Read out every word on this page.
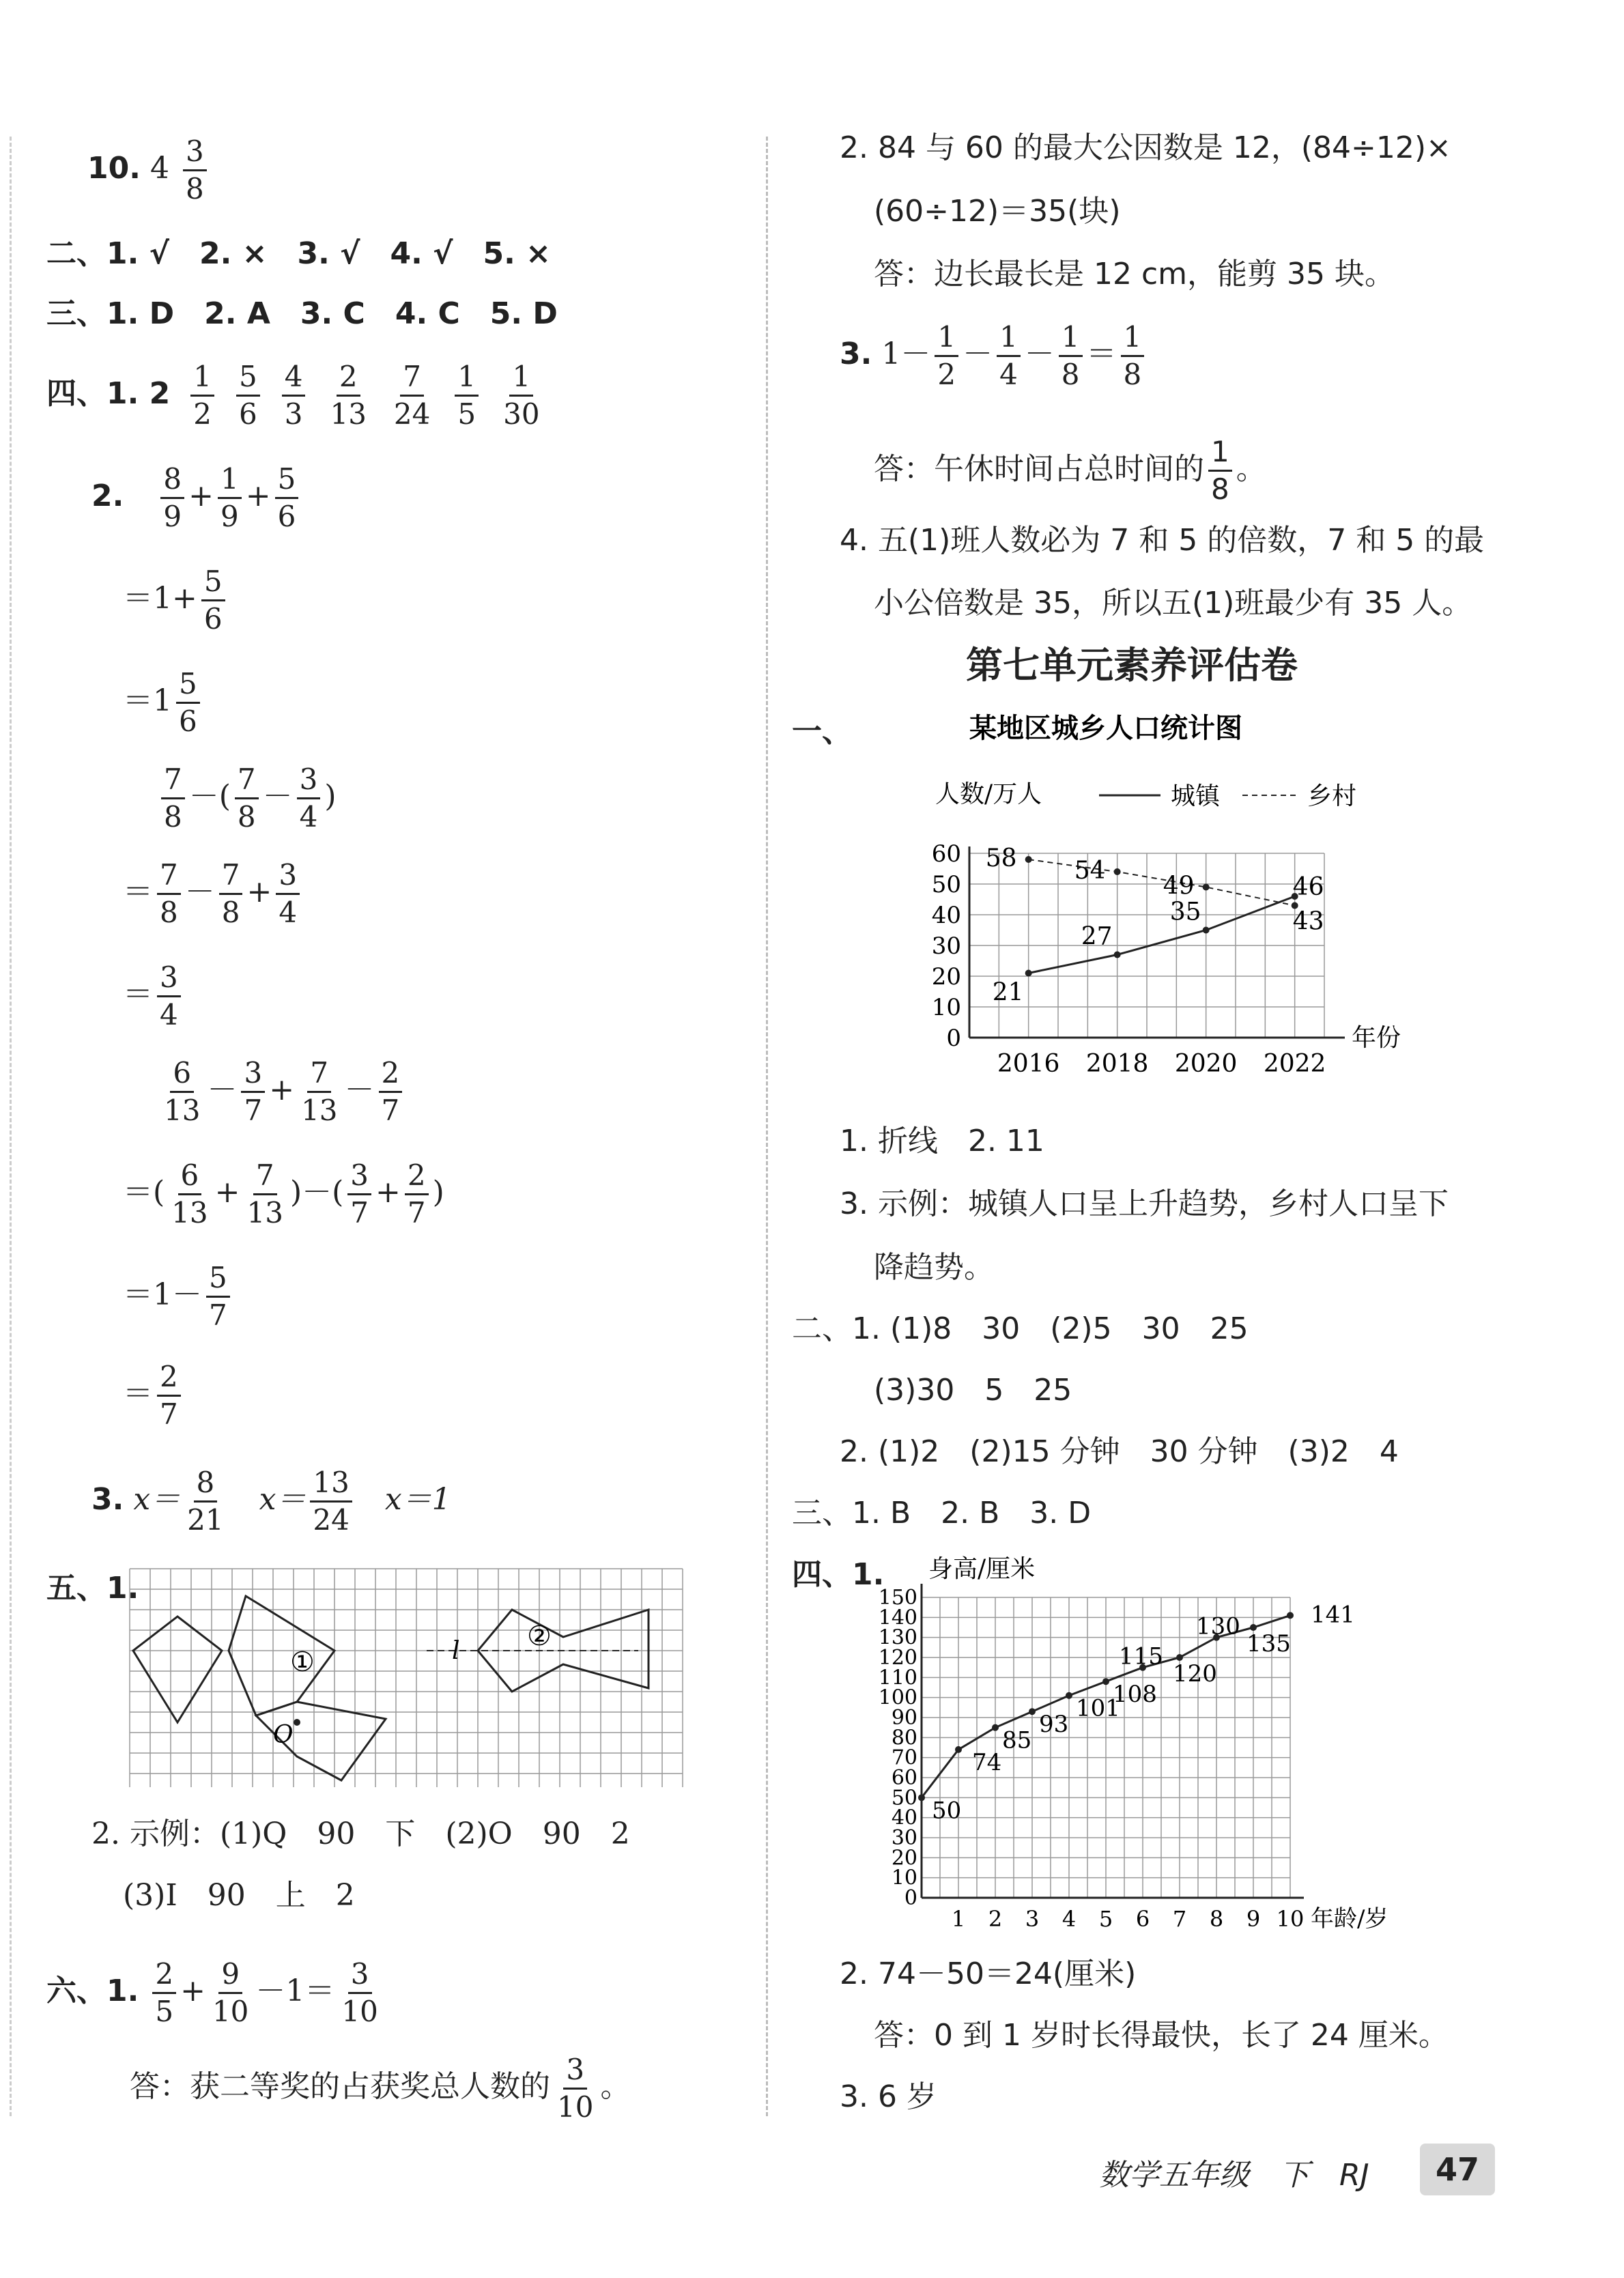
10. $4 \frac{3}{8}$
二、1. √ 2. × 3. √ 4. √ 5. ×
三、1. D 2. A 3. C 4. C 5. D
四、1. $2 \frac{1}{2} \frac{5}{6} \frac{4}{3} \frac{2}{13} \frac{7}{24} \frac{1}{5} \frac{1}{30}$
2. $\frac{8}{9} + \frac{1}{9} + \frac{5}{6}$
$=1+ \frac{5}{6}$
$=1 \frac{5}{6}$
$\frac{7}{8}$ －( $\frac{7}{8} - \frac{3}{4}$ )
＝ $\frac{7}{8} - \frac{7}{8} + \frac{3}{4}$
＝ $\frac{3}{4}$
$\frac{6}{13} - \frac{3}{7} + \frac{7}{13} - \frac{2}{7}$
＝( $\frac{6}{13} + \frac{7}{13}$ )－( $\frac{3}{7} + \frac{2}{7}$ )
$=1- \frac{5}{7}$
＝ $\frac{2}{7}$
3. $x= \frac{8}{21} x= \frac{13}{24} x=1$
五、1.
①
②
O
l
2. 示例：(1)Q　90　下　(2)O　90　2
(3)I　90　上　2
六、1. $\frac{2}{5} + \frac{9}{10} -1= \frac{3}{10}$
答：获二等奖的占获奖总人数的 $\frac{3}{10}$ 。
2. 84 与 60 的最大公因数是 12，(84÷12)×
(60÷12)＝35(块)
答：边长最长是 12 cm，能剪 35 块。
3. $1- \frac{1}{2} - \frac{1}{4} - \frac{1}{8} = \frac{1}{8}$
答：午休时间占总时间的 $\frac{1}{8}$ 。
4. 五(1)班人数必为 7 和 5 的倍数，7 和 5 的最
小公倍数是 35，所以五(1)班最少有 35 人。
第七单元素养评估卷
一、	某地区城乡人口统计图
人数/万人	城镇	乡村
0
10
20
30
40
50
60
2016 2018 2020 2022
年份
21
27
35
46
58 54
49
43
1. 折线　2. 11
3. 示例：城镇人口呈上升趋势，乡村人口呈下
降趋势。
二、1. (1)8　30　(2)5　30　25
(3)30　5　25
2. (1)2　(2)15 分钟　30 分钟　(3)2　4
三、1. B　2. B　3. D
四、1. 身高/厘米
0
10
20
30
40
50
60
70
80
90
100
110
120
130
140
150
1 2 3 4 5 6 7 8 9 10 年龄/岁
50
74
85
93
101
108
115
120
130
135
141
2. 74－50＝24(厘米)
答：0 到 1 岁时长得最快，长了 24 厘米。
3. 6 岁
数学五年级　下　RJ	47
